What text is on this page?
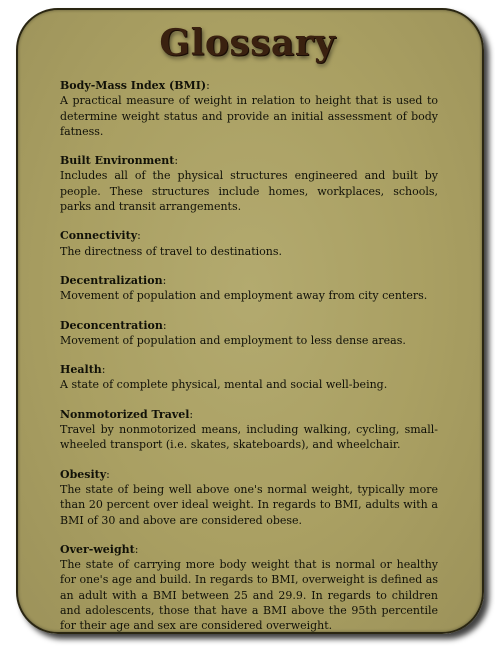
Glossary
Body-Mass Index (BMI):
A practical measure of weight in relation to height that is used to determine weight status and provide an initial assessment of body fatness.
Built Environment:
Includes all of the physical structures engineered and built by people. These structures include homes, workplaces, schools, parks and transit arrangements.
Connectivity:
The directness of travel to destinations.
Decentralization:
Movement of population and employment away from city centers.
Deconcentration:
Movement of population and employment to less dense areas.
Health:
A state of complete physical, mental and social well-being.
Nonmotorized Travel:
Travel by nonmotorized means, including walking, cycling, small-wheeled transport (i.e. skates, skateboards), and wheelchair.
Obesity:
The state of being well above one's normal weight, typically more than 20 percent over ideal weight. In regards to BMI, adults with a BMI of 30 and above are considered obese.
Over-weight:
The state of carrying more body weight that is normal or healthy for one's age and build. In regards to BMI, overweight is defined as an adult with a BMI between 25 and 29.9. In regards to children and adolescents, those that have a BMI above the 95th percentile for their age and sex are considered overweight.
